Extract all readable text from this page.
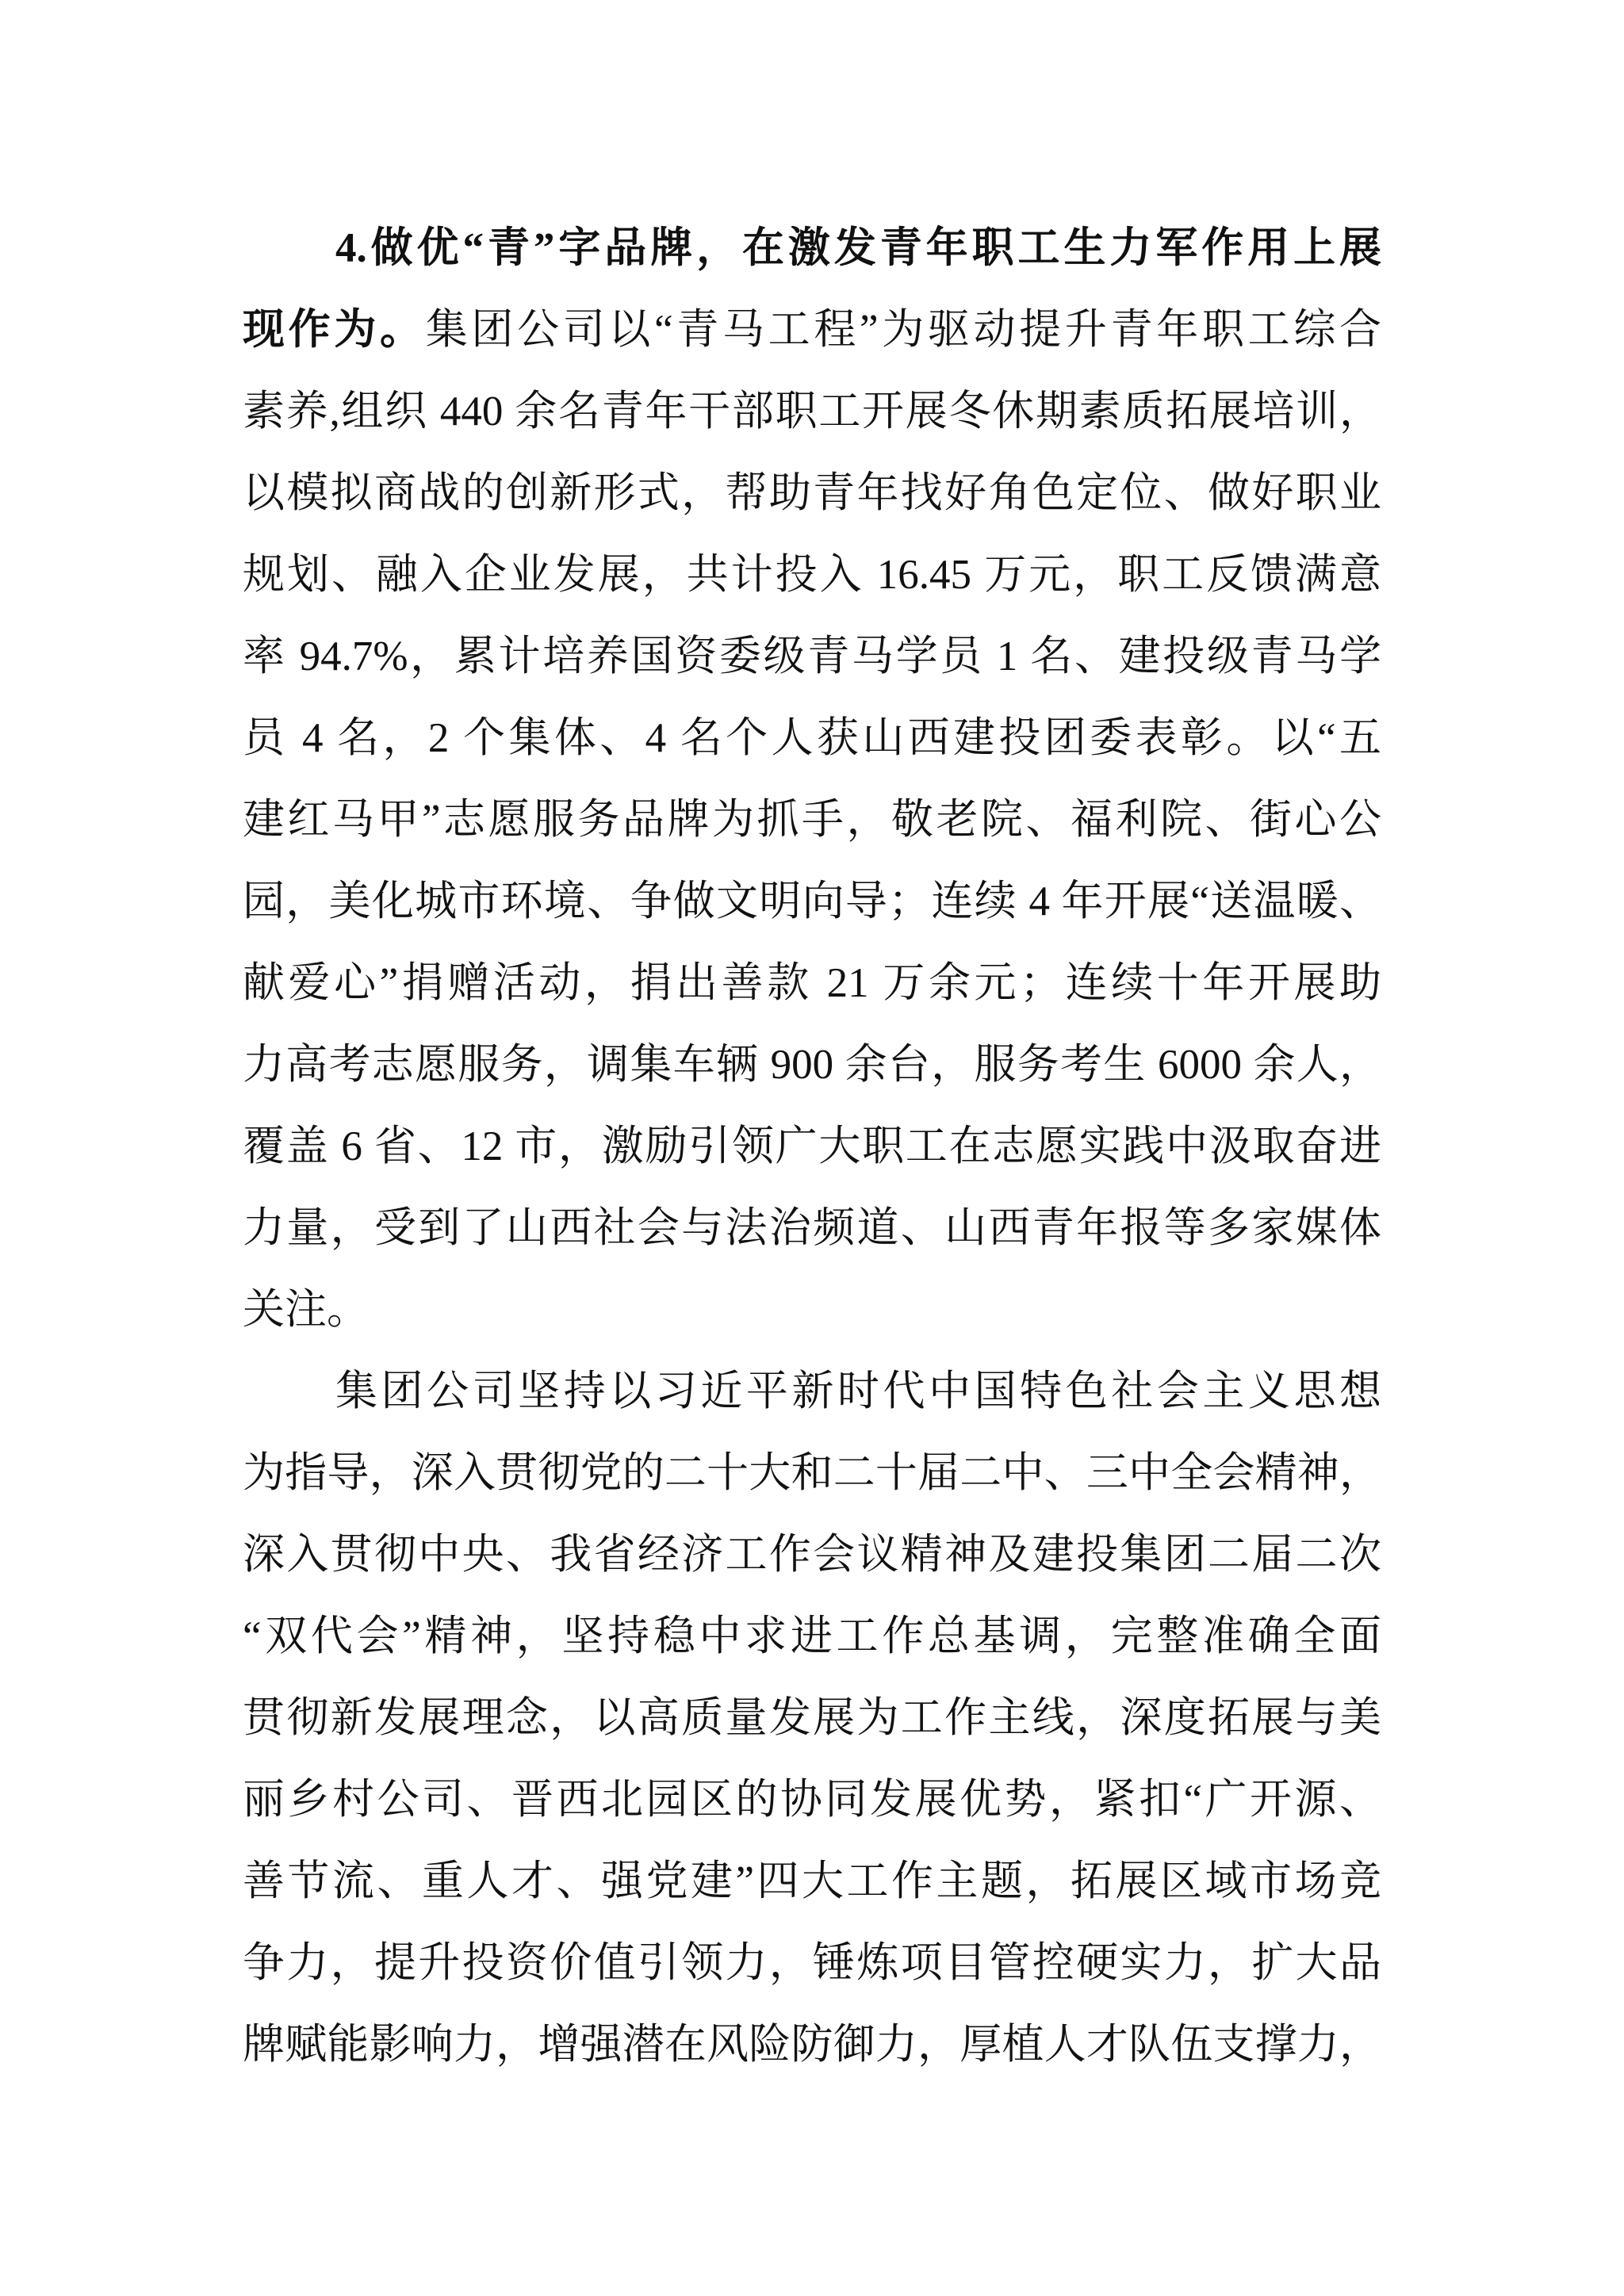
4.做优“青”字品牌，在激发青年职工生力军作用上展
现作为。集团公司以“青马工程”为驱动提升青年职工综合
素养,组织 440 余名青年干部职工开展冬休期素质拓展培训，
以模拟商战的创新形式，帮助青年找好角色定位、做好职业
规划、融入企业发展，共计投入 16.45 万元，职工反馈满意
率 94.7%，累计培养国资委级青马学员 1 名、建投级青马学
员 4 名，2 个集体、4 名个人获山西建投团委表彰。以“五
建红马甲”志愿服务品牌为抓手，敬老院、福利院、街心公
园，美化城市环境、争做文明向导；连续 4 年开展“送温暖、
献爱心”捐赠活动，捐出善款 21 万余元；连续十年开展助
力高考志愿服务，调集车辆 900 余台，服务考生 6000 余人，
覆盖 6 省、12 市，激励引领广大职工在志愿实践中汲取奋进
力量，受到了山西社会与法治频道、山西青年报等多家媒体
关注。
集团公司坚持以习近平新时代中国特色社会主义思想
为指导，深入贯彻党的二十大和二十届二中、三中全会精神，
深入贯彻中央、我省经济工作会议精神及建投集团二届二次
“双代会”精神，坚持稳中求进工作总基调，完整准确全面
贯彻新发展理念，以高质量发展为工作主线，深度拓展与美
丽乡村公司、晋西北园区的协同发展优势，紧扣“广开源、
善节流、重人才、强党建”四大工作主题，拓展区域市场竞
争力，提升投资价值引领力，锤炼项目管控硬实力，扩大品
牌赋能影响力，增强潜在风险防御力，厚植人才队伍支撑力，
